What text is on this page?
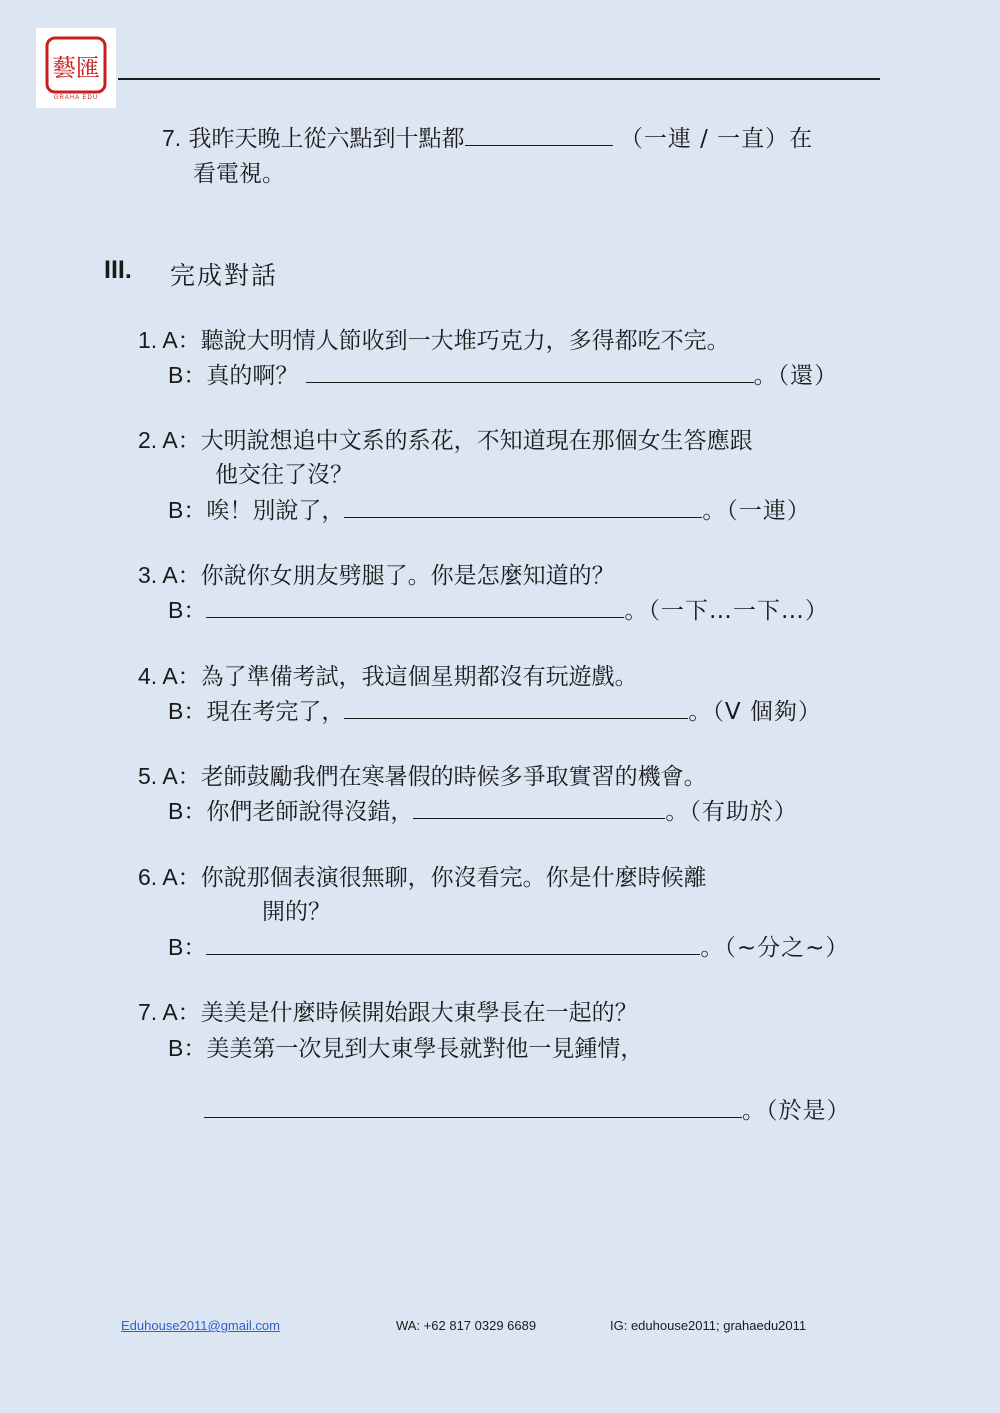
藝匯
GRAHA EDU
7. 我昨天晚上從六點到十點都	（一連 / 一直）在
看電視。
III. 完成對話
1. A：聽說大明情人節收到一大堆巧克力，多得都吃不完。
B：真的啊？	。（還）
2. A：大明說想追中文系的系花，不知道現在那個女生答應跟
他交往了沒？
B：唉！別說了，	。（一連）
3. A：你說你女朋友劈腿了。你是怎麼知道的？
B：	。（一下…一下…）
4. A：為了準備考試，我這個星期都沒有玩遊戲。
B：現在考完了，	。（V 個夠）
5. A：老師鼓勵我們在寒暑假的時候多爭取實習的機會。
B：你們老師說得沒錯，	。（有助於）
6. A：你說那個表演很無聊，你沒看完。你是什麼時候離
開的？
B：	。（~分之~）
7. A：美美是什麼時候開始跟大東學長在一起的？
B：美美第一次見到大東學長就對他一見鍾情，
。（於是）
Eduhouse2011@gmail.com	WA: +62 817 0329 6689	IG: eduhouse2011; grahaedu2011
